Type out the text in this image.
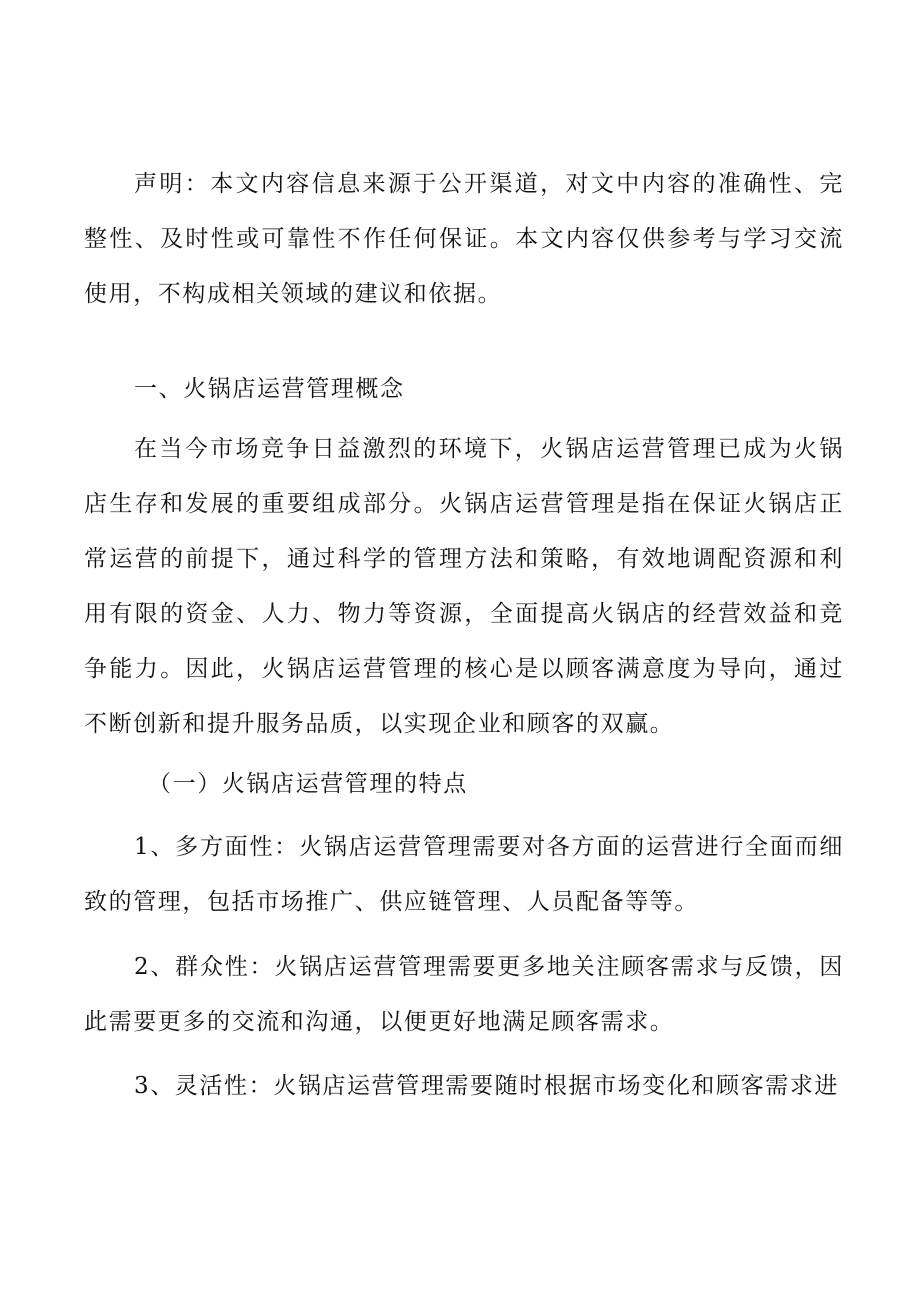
声明：本文内容信息来源于公开渠道，对文中内容的准确性、完整性、及时性或可靠性不作任何保证。本文内容仅供参考与学习交流使用，不构成相关领域的建议和依据。

一、火锅店运营管理概念

在当今市场竞争日益激烈的环境下，火锅店运营管理已成为火锅店生存和发展的重要组成部分。火锅店运营管理是指在保证火锅店正常运营的前提下，通过科学的管理方法和策略，有效地调配资源和利用有限的资金、人力、物力等资源，全面提高火锅店的经营效益和竞争能力。因此，火锅店运营管理的核心是以顾客满意度为导向，通过不断创新和提升服务品质，以实现企业和顾客的双赢。

（一）火锅店运营管理的特点

1、多方面性：火锅店运营管理需要对各方面的运营进行全面而细致的管理，包括市场推广、供应链管理、人员配备等等。

2、群众性：火锅店运营管理需要更多地关注顾客需求与反馈，因此需要更多的交流和沟通，以便更好地满足顾客需求。

3、灵活性：火锅店运营管理需要随时根据市场变化和顾客需求进
